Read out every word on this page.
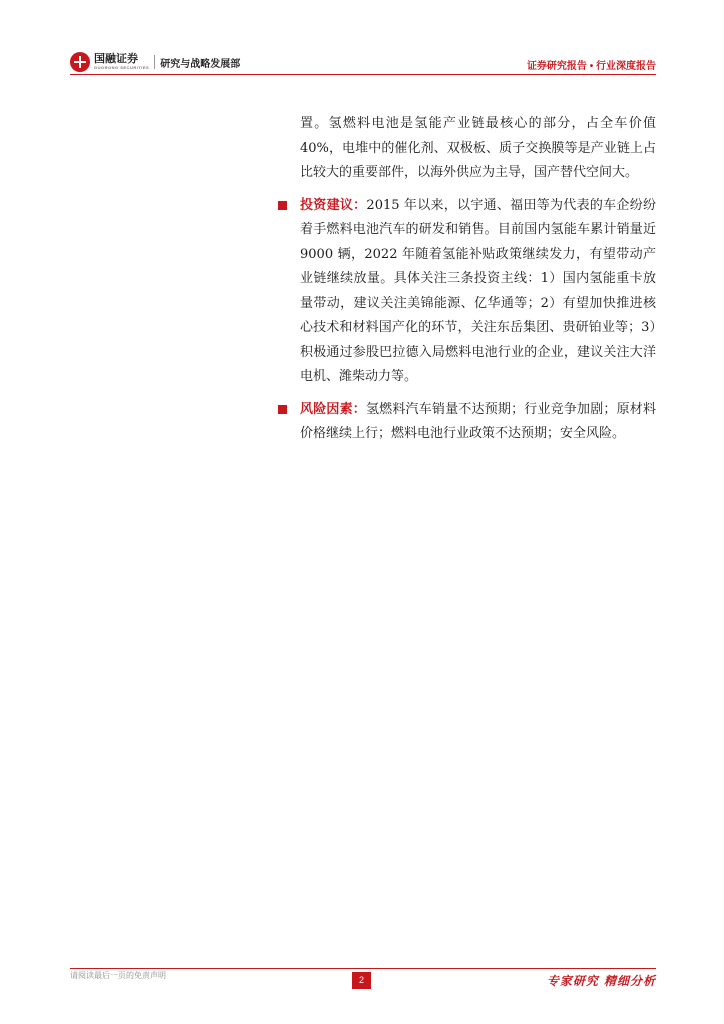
国融证券
GUORONG SECURITIES 研究与战略发展部	证券研究报告 • 行业深度报告

置。氢燃料电池是氢能产业链最核心的部分，占全车价值 40%，电堆中的催化剂、双极板、质子交换膜等是产业链上占比较大的重要部件，以海外供应为主导，国产替代空间大。

投资建议：2015 年以来，以宇通、福田等为代表的车企纷纷着手燃料电池汽车的研发和销售。目前国内氢能车累计销量近 9000 辆，2022 年随着氢能补贴政策继续发力，有望带动产业链继续放量。具体关注三条投资主线：1）国内氢能重卡放量带动，建议关注美锦能源、亿华通等；2）有望加快推进核心技术和材料国产化的环节，关注东岳集团、贵研铂业等；3）积极通过参股巴拉德入局燃料电池行业的企业，建议关注大洋电机、潍柴动力等。

风险因素：氢燃料汽车销量不达预期；行业竞争加剧；原材料价格继续上行；燃料电池行业政策不达预期；安全风险。

请阅读最后一页的免责声明	2	专家研究 精细分析
